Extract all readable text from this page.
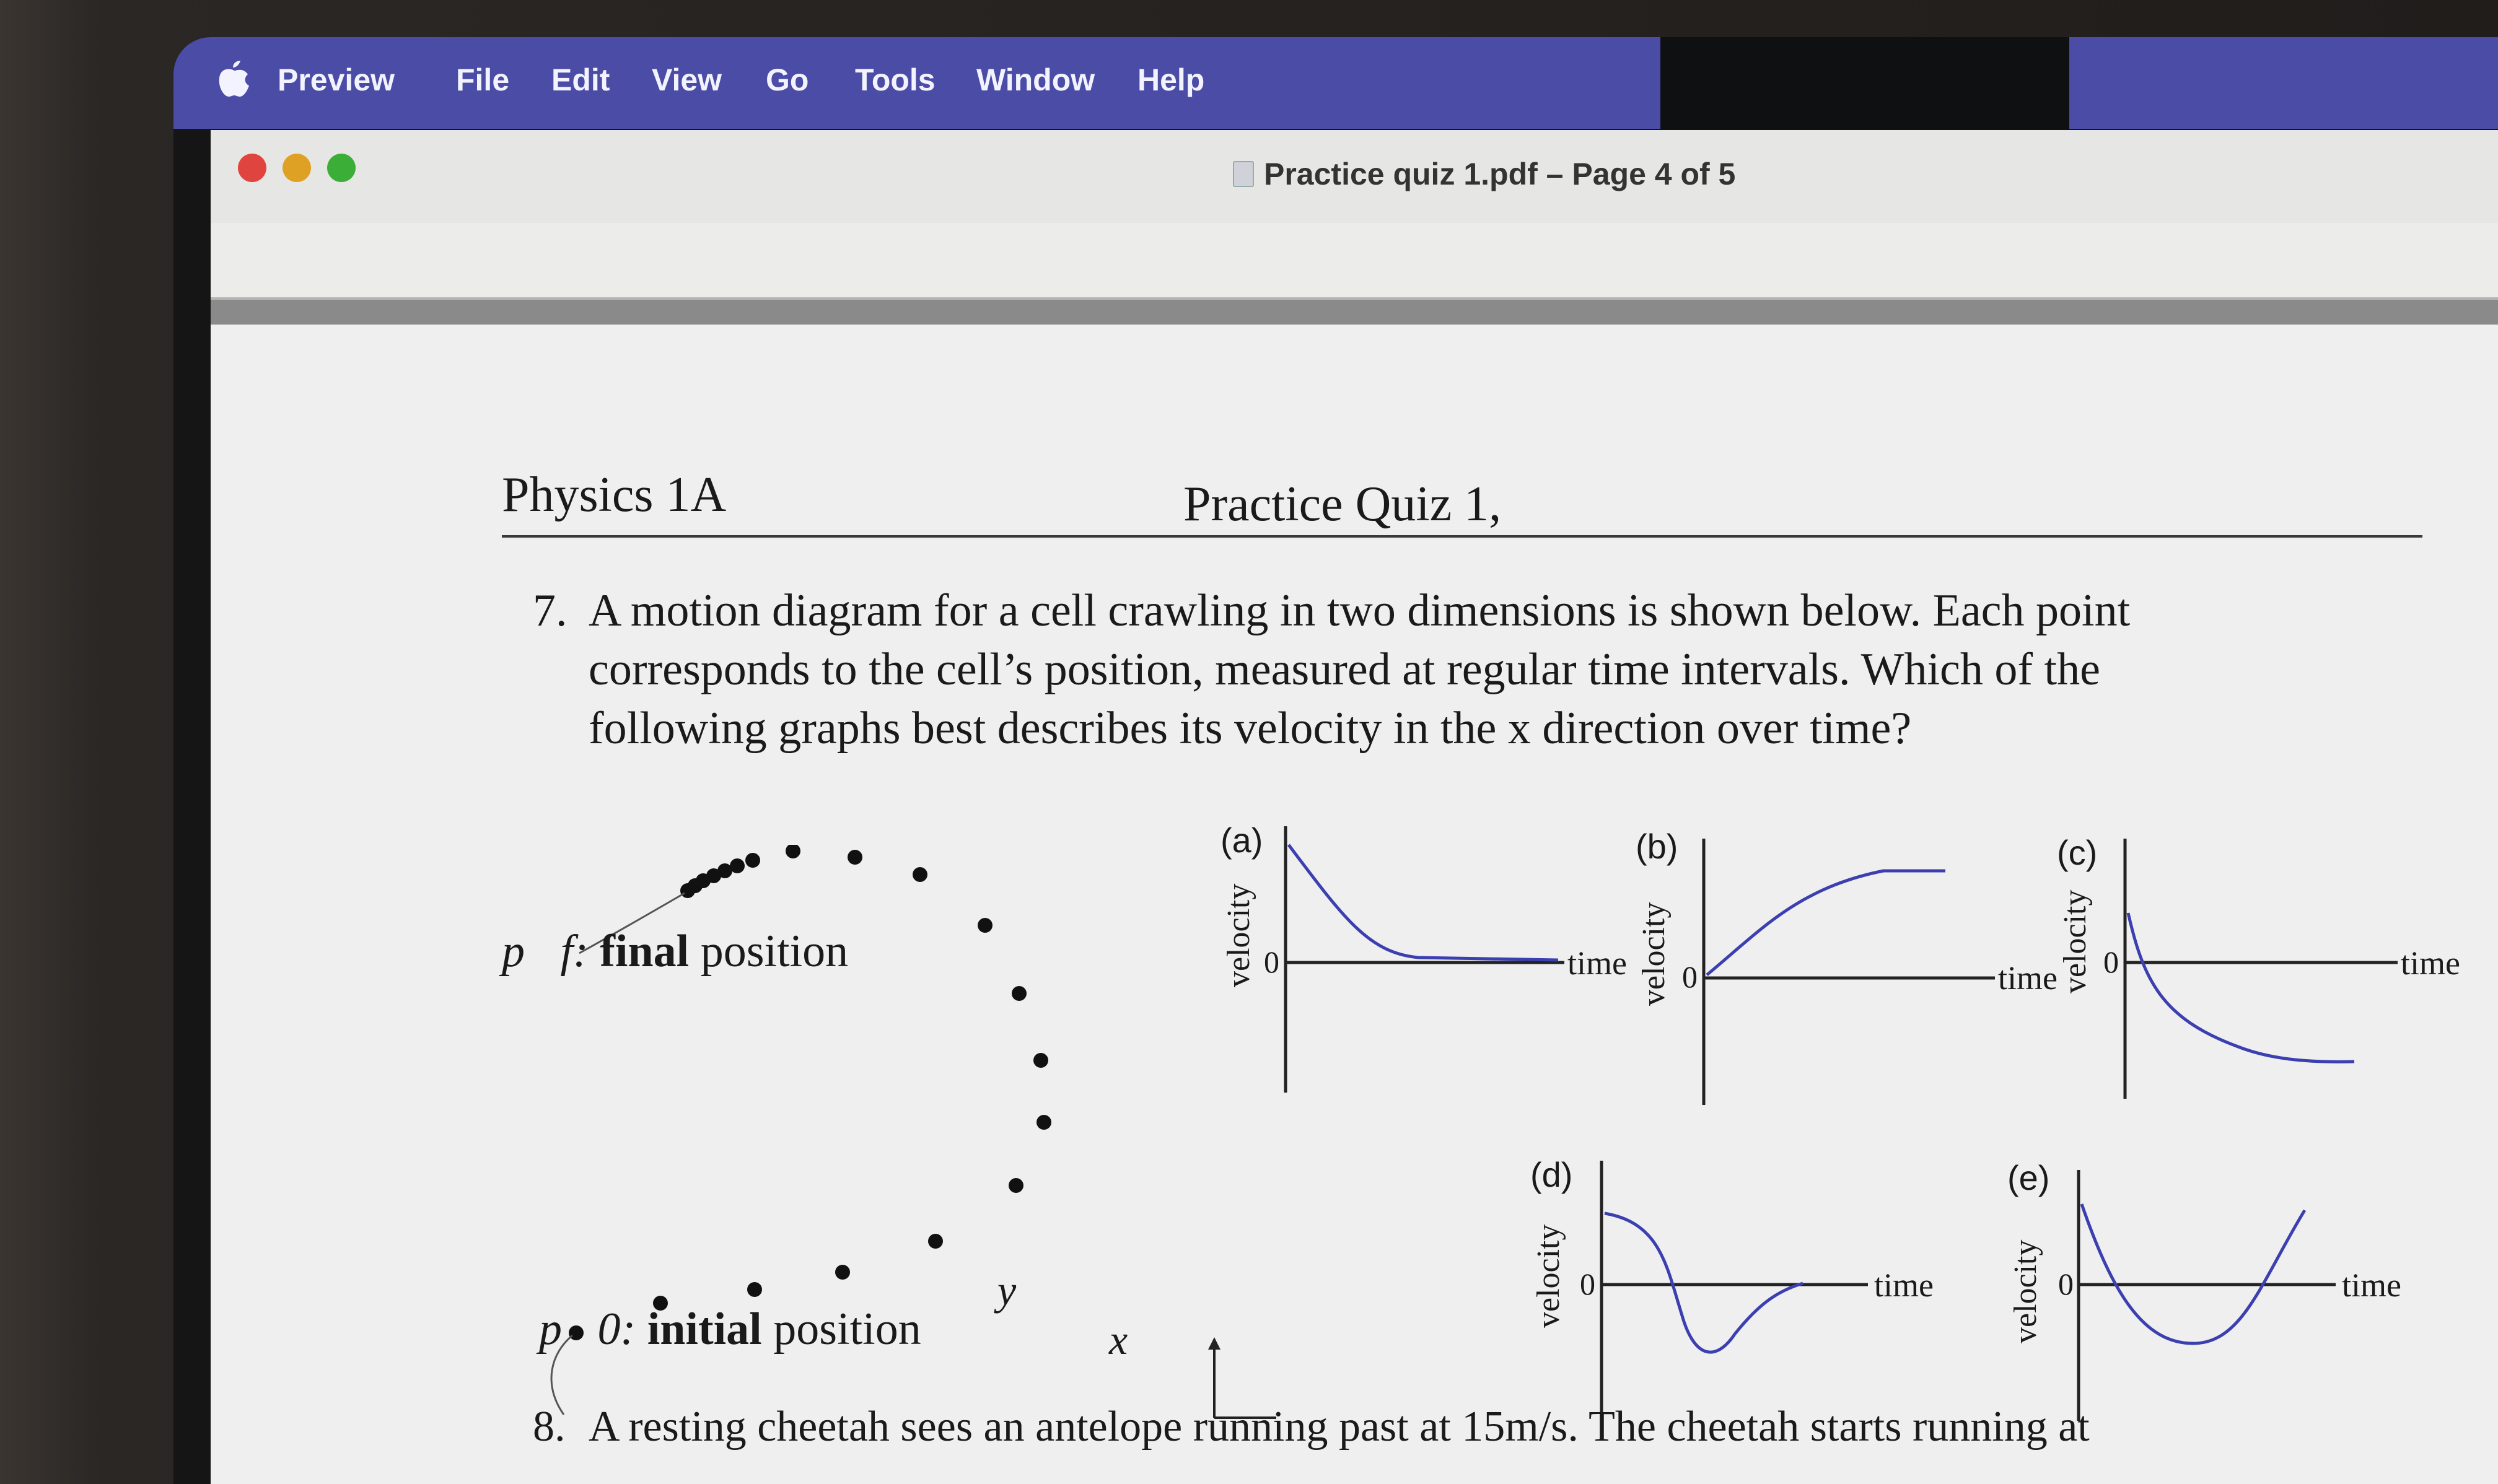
Preview File Edit View Go Tools Window Help
Practice quiz 1.pdf – Page 4 of 5
Physics 1A	Practice Quiz 1,
7. A motion diagram for a cell crawling in two dimensions is shown below. Each point
corresponds to the cell’s position, measured at regular time intervals. Which of the
following graphs best describes its velocity in the x direction over time?
p⃗f: final position
p⃗0: initial position
y
x
(a)
velocity 0	time
(b)
velocity 0	time
(c)
velocity 0	time
(d)
velocity 0	time
(e)
velocity 0	time
8. A resting cheetah sees an antelope running past at 15m/s. The cheetah starts running at
